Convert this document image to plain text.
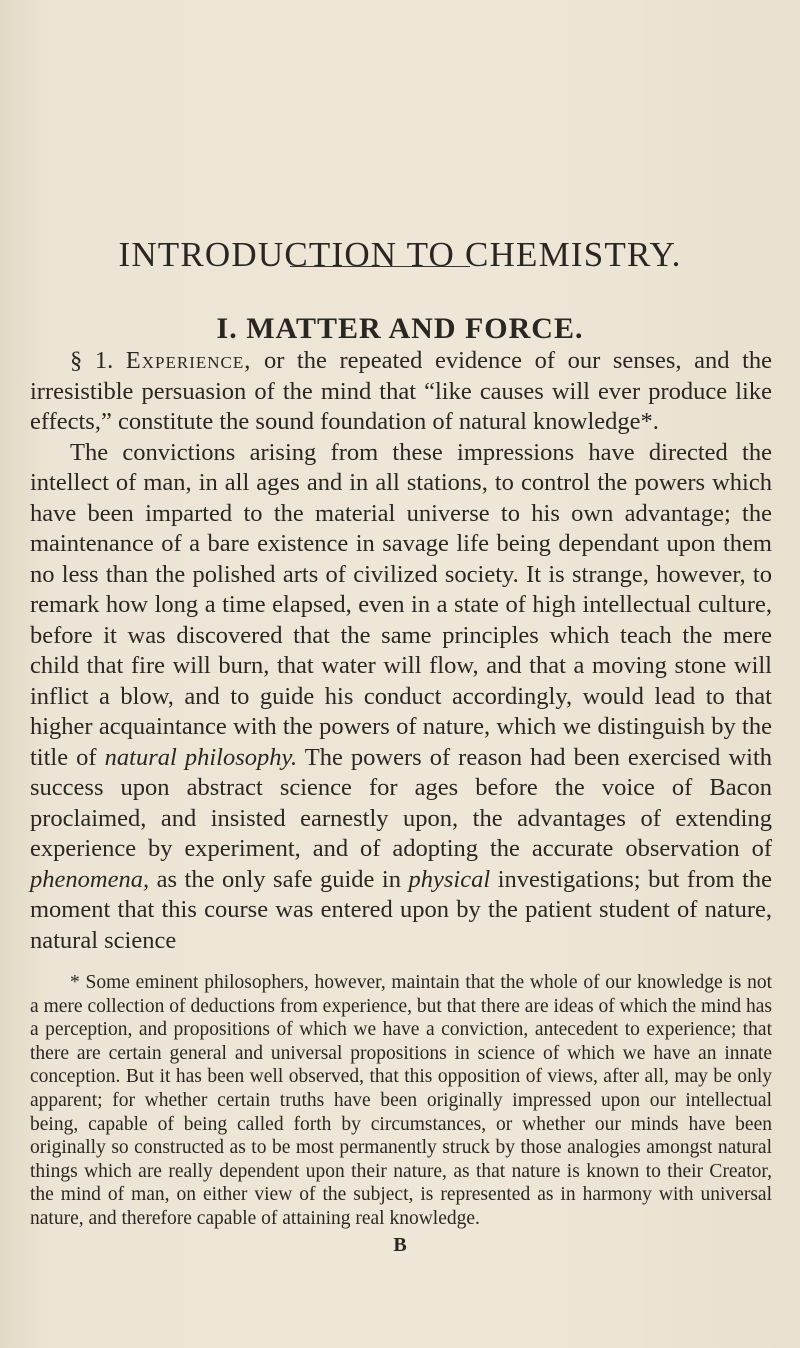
INTRODUCTION TO CHEMISTRY.
I. MATTER AND FORCE.

§ 1. Experience, or the repeated evidence of our senses, and the irresistible persuasion of the mind that “like causes will ever produce like effects,” constitute the sound foundation of natural knowledge*.

The convictions arising from these impressions have directed the intellect of man, in all ages and in all stations, to control the powers which have been imparted to the material universe to his own advantage; the maintenance of a bare existence in savage life being dependant upon them no less than the polished arts of civilized society. It is strange, however, to remark how long a time elapsed, even in a state of high intellectual culture, before it was discovered that the same principles which teach the mere child that fire will burn, that water will flow, and that a moving stone will inflict a blow, and to guide his conduct accordingly, would lead to that higher acquaintance with the powers of nature, which we distinguish by the title of natural philosophy. The powers of reason had been exercised with success upon abstract science for ages before the voice of Bacon proclaimed, and insisted earnestly upon, the advantages of extending experience by experiment, and of adopting the accurate observation of phenomena, as the only safe guide in physical investigations; but from the moment that this course was entered upon by the patient student of nature, natural science

* Some eminent philosophers, however, maintain that the whole of our knowledge is not a mere collection of deductions from experience, but that there are ideas of which the mind has a perception, and propositions of which we have a conviction, antecedent to experience; that there are certain general and universal propositions in science of which we have an innate conception. But it has been well observed, that this opposition of views, after all, may be only apparent; for whether certain truths have been originally impressed upon our intellectual being, capable of being called forth by circumstances, or whether our minds have been originally so constructed as to be most permanently struck by those analogies amongst natural things which are really dependent upon their nature, as that nature is known to their Creator, the mind of man, on either view of the subject, is represented as in harmony with universal nature, and therefore capable of attaining real knowledge.

B
